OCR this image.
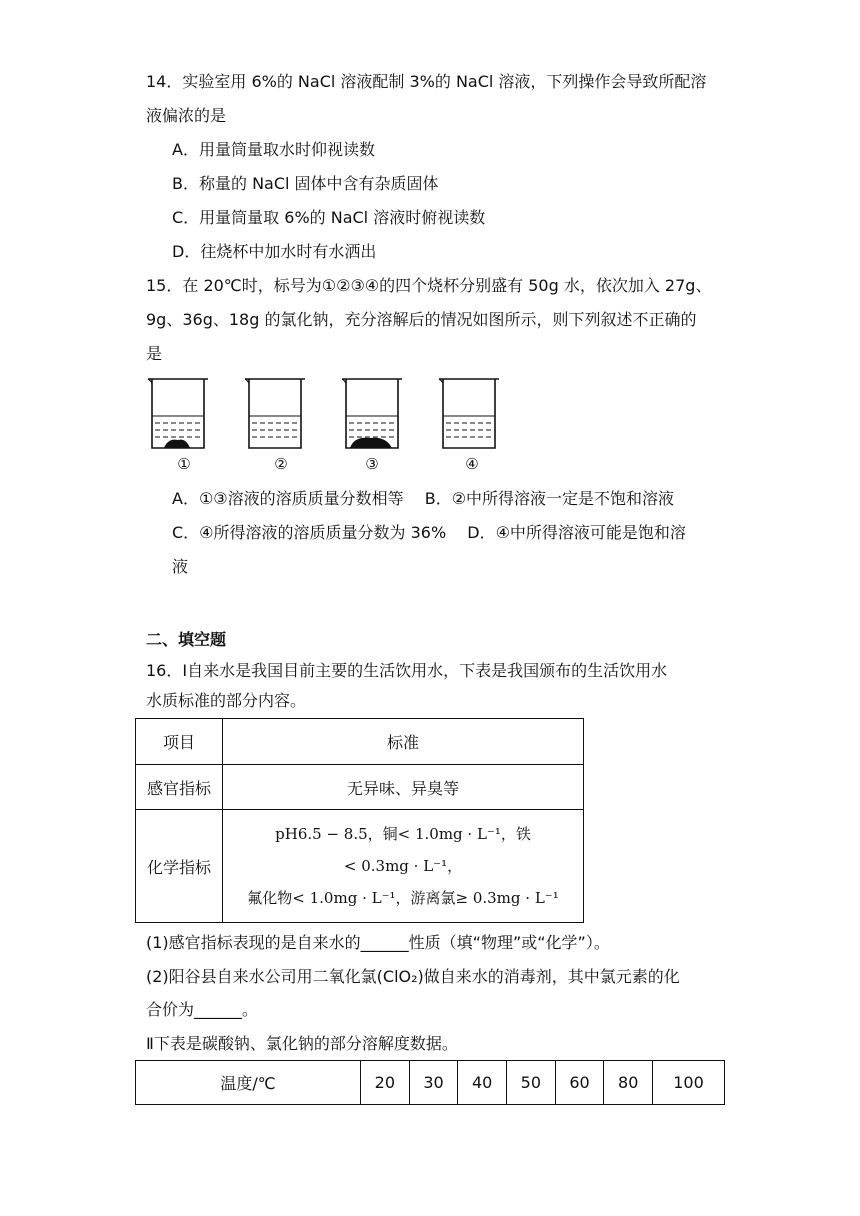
14．实验室用 6%的 NaCl 溶液配制 3%的 NaCl 溶液，下列操作会导致所配溶
液偏浓的是
A．用量筒量取水时仰视读数
B．称量的 NaCl 固体中含有杂质固体
C．用量筒量取 6%的 NaCl 溶液时俯视读数
D．往烧杯中加水时有水洒出
15．在 20℃时，标号为①②③④的四个烧杯分别盛有 50g 水，依次加入 27g、
9g、36g、18g 的氯化钠，充分溶解后的情况如图所示，则下列叙述不正确的
是
①	②	③	④
A．①③溶液的溶质质量分数相等　 B．②中所得溶液一定是不饱和溶液
C．④所得溶液的溶质质量分数为 36%　 D．④中所得溶液可能是饱和溶
液
二、填空题
16．Ⅰ自来水是我国目前主要的生活饮用水，下表是我国颁布的生活饮用水
水质标准的部分内容。
项目	标准
感官指标	无异味、异臭等
化学指标	pH6.5 − 8.5，铜< 1.0mg · L⁻¹，铁
< 0.3mg · L⁻¹，
氟化物< 1.0mg · L⁻¹，游离氯≥ 0.3mg · L⁻¹
(1)感官指标表现的是自来水的______性质（填“物理”或“化学”）。
(2)阳谷县自来水公司用二氧化氯(ClO₂)做自来水的消毒剂，其中氯元素的化
合价为______。
Ⅱ下表是碳酸钠、氯化钠的部分溶解度数据。
温度/℃	20	30	40	50	60	80	100
